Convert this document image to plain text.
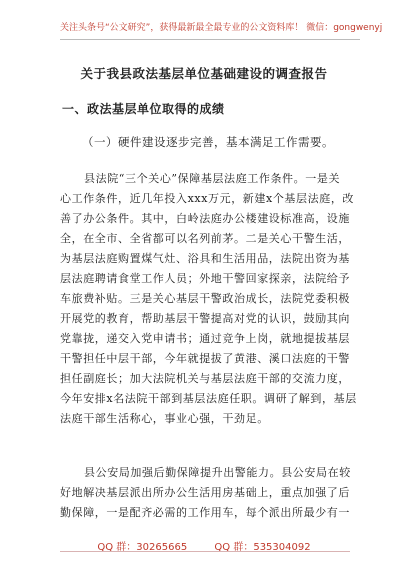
关注头条号“公文研究”，获得最新最全最专业的公文资料库！ 微信：gongwenyj
关于我县政法基层单位基础建设的调查报告
一、政法基层单位取得的成绩
（一）硬件建设逐步完善，基本满足工作需要。
县法院“三个关心”保障基层法庭工作条件。一是关
心工作条件，近几年投入xxx万元，新建x个基层法庭，改
善了办公条件。其中，白岭法庭办公楼建设标准高，设施
全，在全市、全省都可以名列前茅。二是关心干警生活，
为基层法庭购置煤气灶、浴具和生活用品，法院出资为基
层法庭聘请食堂工作人员；外地干警回家探亲，法院给予
车旅费补贴。三是关心基层干警政治成长，法院党委积极
开展党的教育，帮助基层干警提高对党的认识，鼓励其向
党靠拢，递交入党申请书；通过竞争上岗，就地提拔基层
干警担任中层干部，今年就提拔了黄港、溪口法庭的干警
担任副庭长；加大法院机关与基层法庭干部的交流力度，
今年安排x名法院干部到基层法庭任职。调研了解到，基层
法庭干部生活称心，事业心强，干劲足。
县公安局加强后勤保障提升出警能力。县公安局在较
好地解决基层派出所办公生活用房基础上，重点加强了后
勤保障，一是配齐必需的工作用车，每个派出所最少有一
QQ 群：30265665	QQ 群：535304092
